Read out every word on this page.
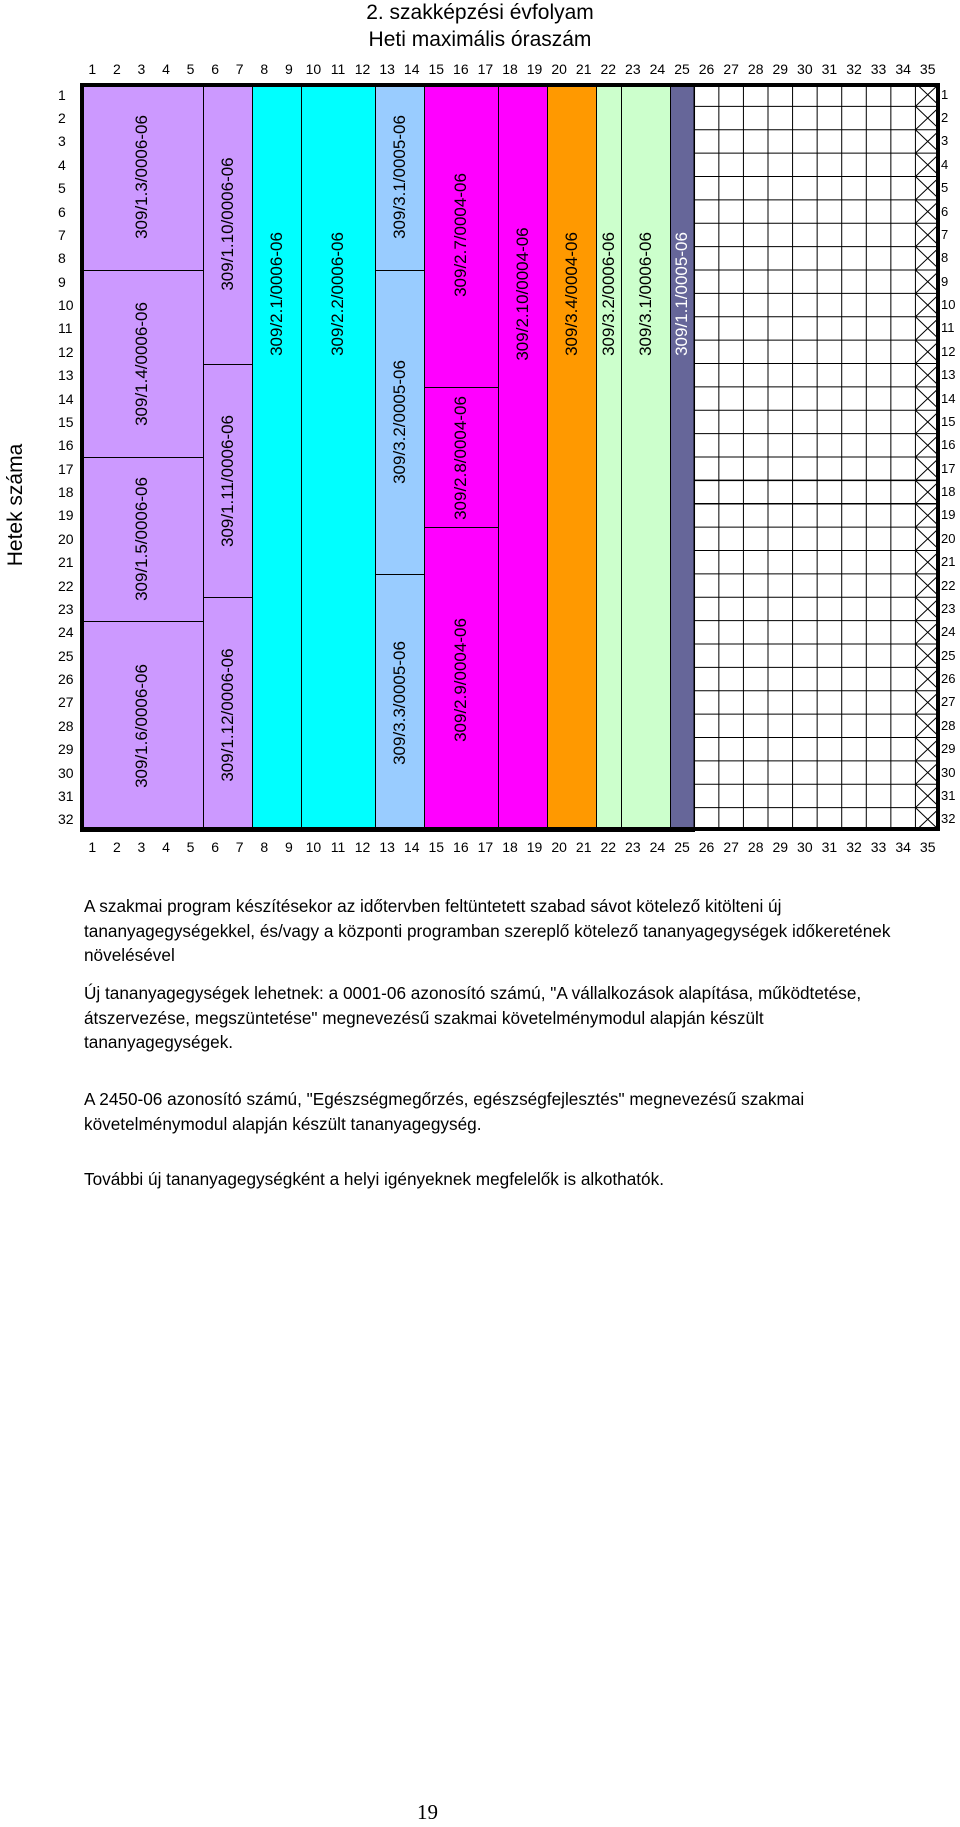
2. szakképzési évfolyam
Heti maximális óraszám
Hetek száma
1	2	3	4	5	6	7	8	9 10 11 12 13 14 15 16 17 18 19 20 21 22 23 24 25 26 27 28 29 30 31 32 33 34 35
1	2	3	4	5	6	7	8	9 10 11 12 13 14 15 16 17 18 19 20 21 22 23 24 25 26 27 28 29 30 31 32 33 34 35
1
2
3
4
5
6
7
8
9
10
11
12
13
14
15
16
17
18
19
20
21
22
23
24
25
26
27
28
29
30
31
32
1
2
3
4
5
6
7
8
9
10
11
12
13
14
15
16
17
18
19
20
21
22
23
24
25
26
27
28
29
30
31
32
309/1.3/0006-06
309/1.4/0006-06
309/1.5/0006-06
309/1.6/0006-06
309/1.10/0006-06
309/1.11/0006-06
309/1.12/0006-06
309/2.1/0006-06 309/2.2/0006-06
309/3.1/0005-06
309/3.2/0005-06
309/3.3/0005-06
309/2.7/0004-06
309/2.8/0004-06
309/2.9/0004-06
309/2.10/0004-06 309/3.4/0004-06 309/3.2/0006-06 309/3.1/0006-06 309/1.1/0005-06
A szakmai program készítésekor az időtervben feltüntetett szabad sávot kötelező kitölteni új tananyagegységekkel, és/vagy a központi programban szereplő kötelező tananyagegységek időkeretének növelésével
Új tananyagegységek lehetnek: a 0001-06 azonosító számú, "A vállalkozások alapítása, működtetése, átszervezése, megszüntetése" megnevezésű szakmai követelménymodul alapján készült tananyagegységek.
A 2450-06 azonosító számú, "Egészségmegőrzés, egészségfejlesztés" megnevezésű szakmai követelménymodul alapján készült tananyagegység.
További új tananyagegységként a helyi igényeknek megfelelők is alkothatók.
19
